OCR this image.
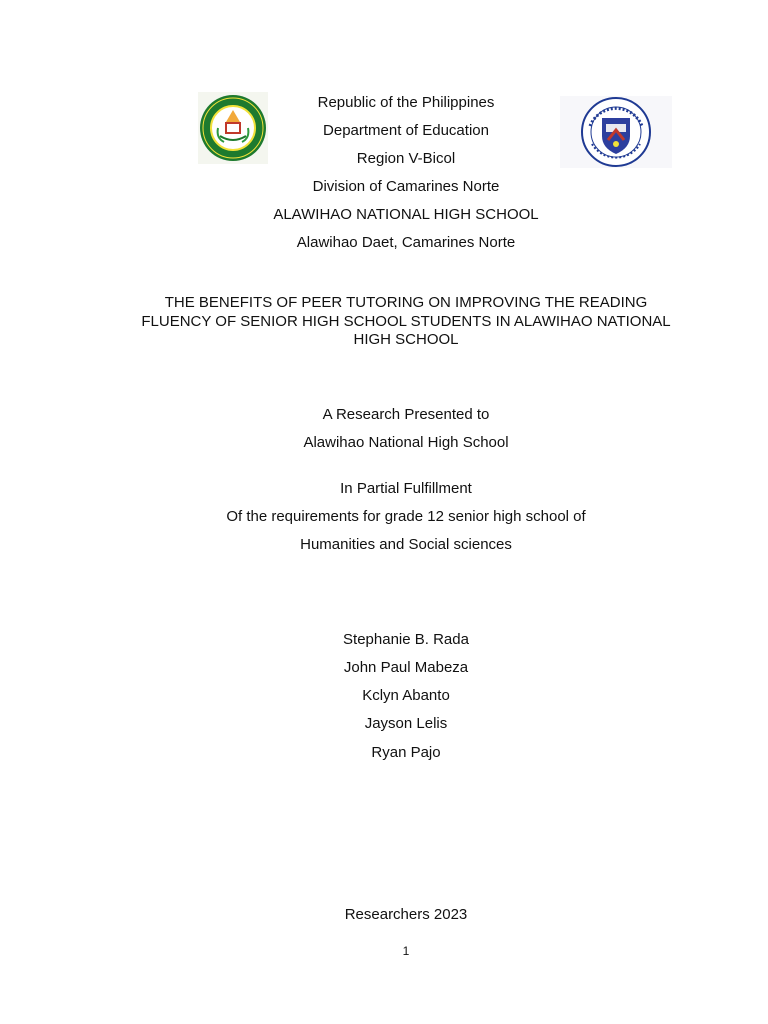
Republic of the Philippines
Department of Education
Region V-Bicol
Division of Camarines Norte
ALAWIHAO NATIONAL HIGH SCHOOL
Alawihao Daet, Camarines Norte
THE BENEFITS OF PEER TUTORING ON IMPROVING THE READING FLUENCY OF SENIOR HIGH SCHOOL STUDENTS IN ALAWIHAO NATIONAL HIGH SCHOOL
A Research Presented to
Alawihao National High School
In Partial Fulfillment
Of the requirements for grade 12 senior high school of
Humanities and Social sciences
Stephanie B. Rada
John Paul Mabeza
Kclyn Abanto
Jayson Lelis
Ryan Pajo
Researchers 2023
1
